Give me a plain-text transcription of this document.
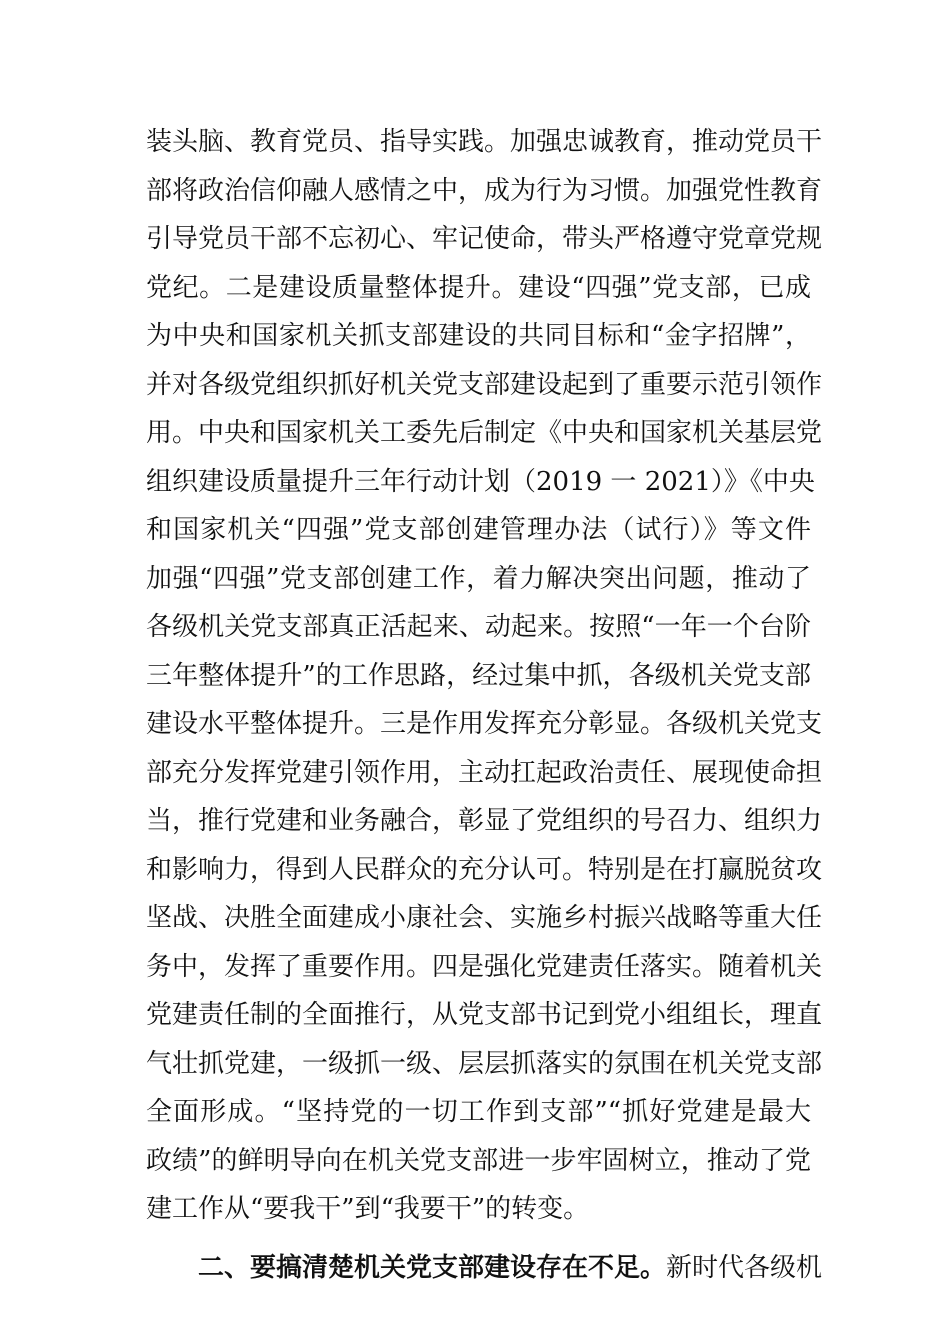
装头脑、教育党员、指导实践。加强忠诚教育，推动党员干
部将政治信仰融人感情之中，成为行为习惯。加强党性教育
引导党员干部不忘初心、牢记使命，带头严格遵守党章党规
党纪。二是建设质量整体提升。建设“四强”党支部，已成
为中央和国家机关抓支部建设的共同目标和“金字招牌”，
并对各级党组织抓好机关党支部建设起到了重要示范引领作
用。中央和国家机关工委先后制定《中央和国家机关基层党
组织建设质量提升三年行动计划（2019 一 2021）》《中央
和国家机关“四强”党支部创建管理办法（试行）》等文件
加强“四强”党支部创建工作，着力解决突出问题，推动了
各级机关党支部真正活起来、动起来。按照“一年一个台阶
三年整体提升”的工作思路，经过集中抓，各级机关党支部
建设水平整体提升。三是作用发挥充分彰显。各级机关党支
部充分发挥党建引领作用，主动扛起政治责任、展现使命担
当，推行党建和业务融合，彰显了党组织的号召力、组织力
和影响力，得到人民群众的充分认可。特别是在打赢脱贫攻
坚战、决胜全面建成小康社会、实施乡村振兴战略等重大任
务中，发挥了重要作用。四是强化党建责任落实。随着机关
党建责任制的全面推行，从党支部书记到党小组组长，理直
气壮抓党建，一级抓一级、层层抓落实的氛围在机关党支部
全面形成。“坚持党的一切工作到支部”“抓好党建是最大
政绩”的鲜明导向在机关党支部进一步牢固树立，推动了党
建工作从“要我干”到“我要干”的转变。
二、要搞清楚机关党支部建设存在不足。新时代各级机
